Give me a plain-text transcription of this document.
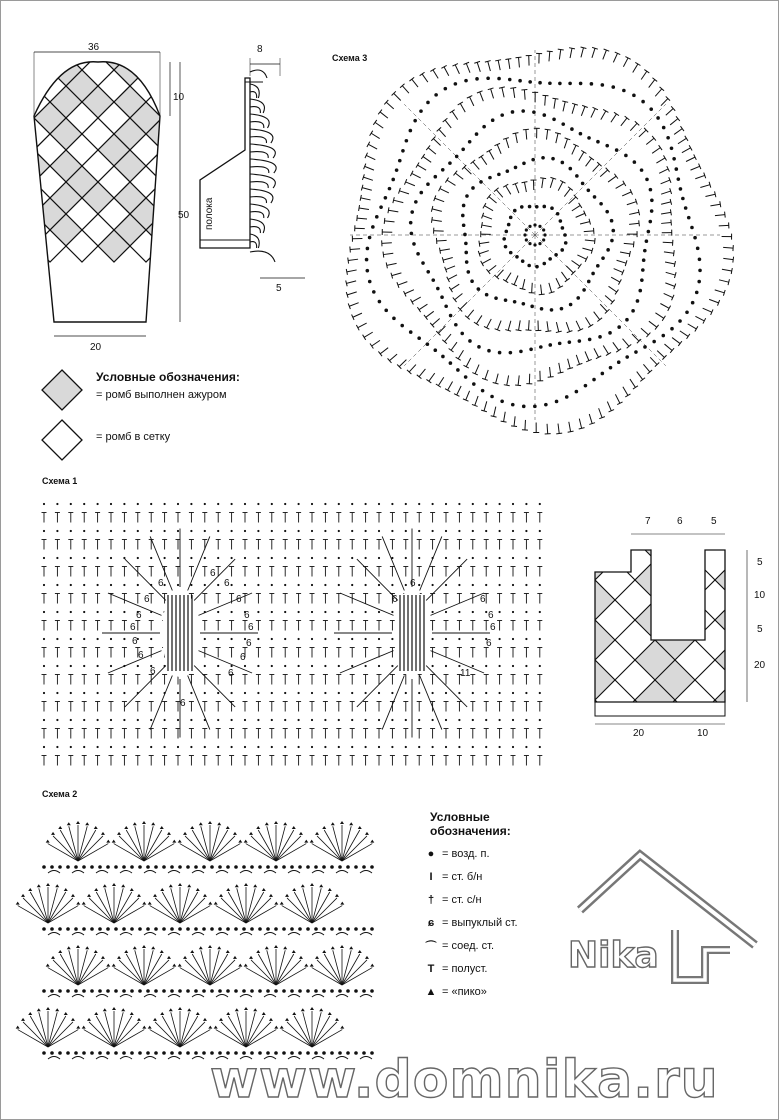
36
10
50
20
8
полока
5
Условные обозначения:
= ромб выполнен ажуром
= ромб в сетку
Схема 3
Схема 1
6
6
6
6
6
6
6
6
6
6
6
6
6
6
6
6
6
6	6
6
6
6
11
7	6	5
5
10
5
20
20	10
Схема 2
Условные
обозначения:
● = возд. п.
I = ст. б/н
† = ст. с/н
ɕ = выпуклый ст.
⌒ = соед. ст.
T = полуст.
▲ = «пико»
Nika
www.domnika.ru
